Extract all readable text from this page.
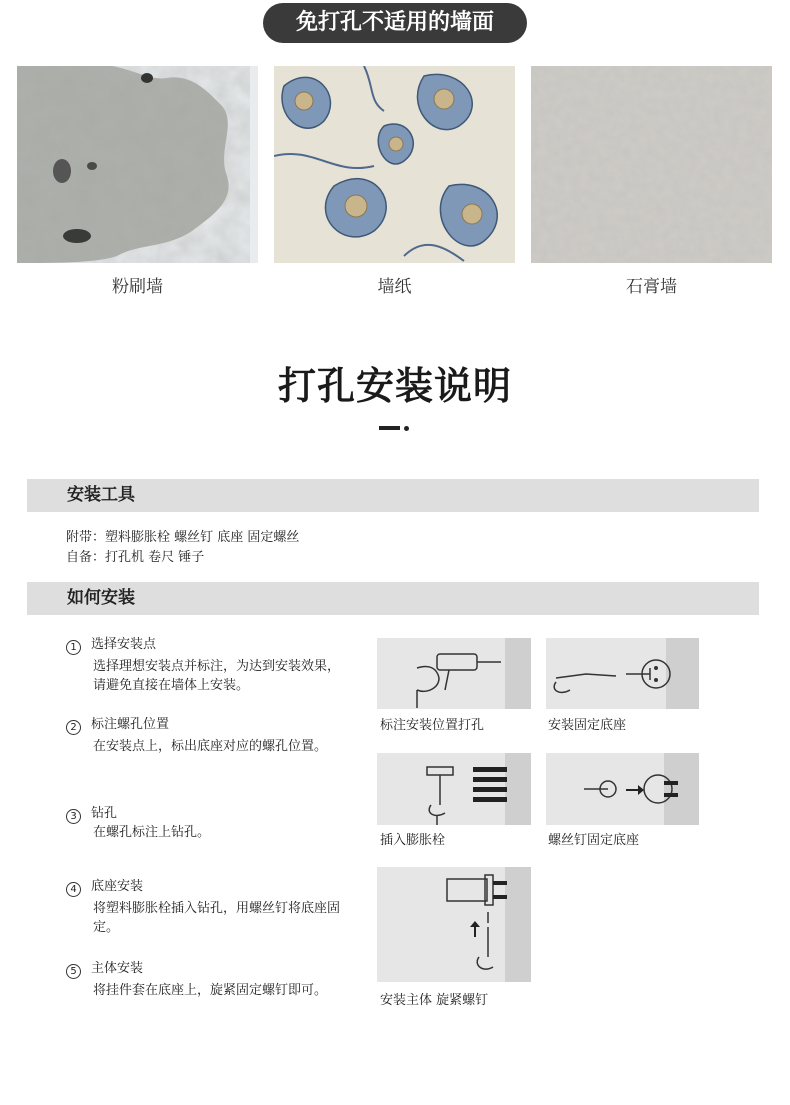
免打孔不适用的墙面
粉刷墙	墙纸	石膏墙
打孔安装说明
安装工具
附带：塑料膨胀栓 螺丝钉 底座 固定螺丝
自备：打孔机 卷尺 锤子
如何安装
1 选择安装点
选择理想安装点并标注，为达到安装效果，请避免直接在墙体上安装。
2 标注螺孔位置
在安装点上，标出底座对应的螺孔位置。
3 钻孔
在螺孔标注上钻孔。
4 底座安装
将塑料膨胀栓插入钻孔，用螺丝钉将底座固定。
5 主体安装
将挂件套在底座上，旋紧固定螺钉即可。
标注安装位置打孔	安装固定底座
插入膨胀栓	螺丝钉固定底座
安装主体 旋紧螺钉
